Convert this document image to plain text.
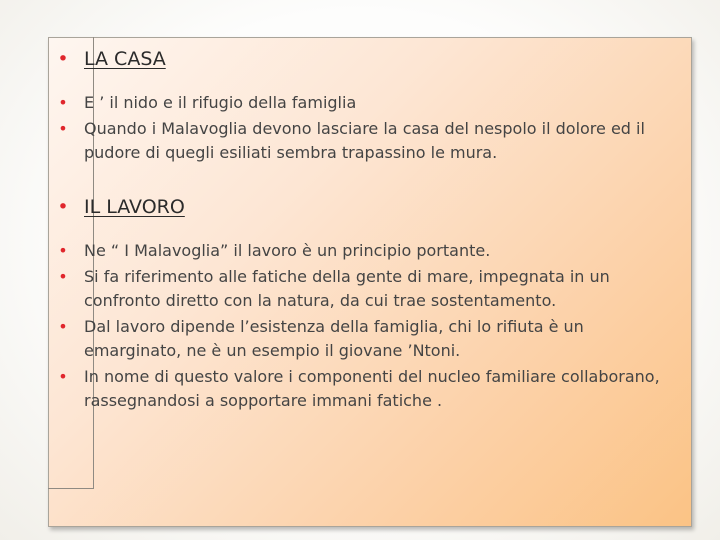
• LA CASA
• E ’ il nido e il rifugio della famiglia
• Quando i Malavoglia devono lasciare la casa del nespolo il dolore ed il pudore di quegli esiliati sembra trapassino le mura.
• IL LAVORO
• Ne “ I Malavoglia” il lavoro è un principio portante.
• Si fa riferimento alle fatiche della gente di mare, impegnata in un confronto diretto con la natura, da cui trae sostentamento.
• Dal lavoro dipende l’esistenza della famiglia, chi lo rifiuta è un emarginato, ne è un esempio il giovane ’Ntoni.
• In nome di questo valore i componenti del nucleo familiare collaborano, rassegnandosi a sopportare immani fatiche .
